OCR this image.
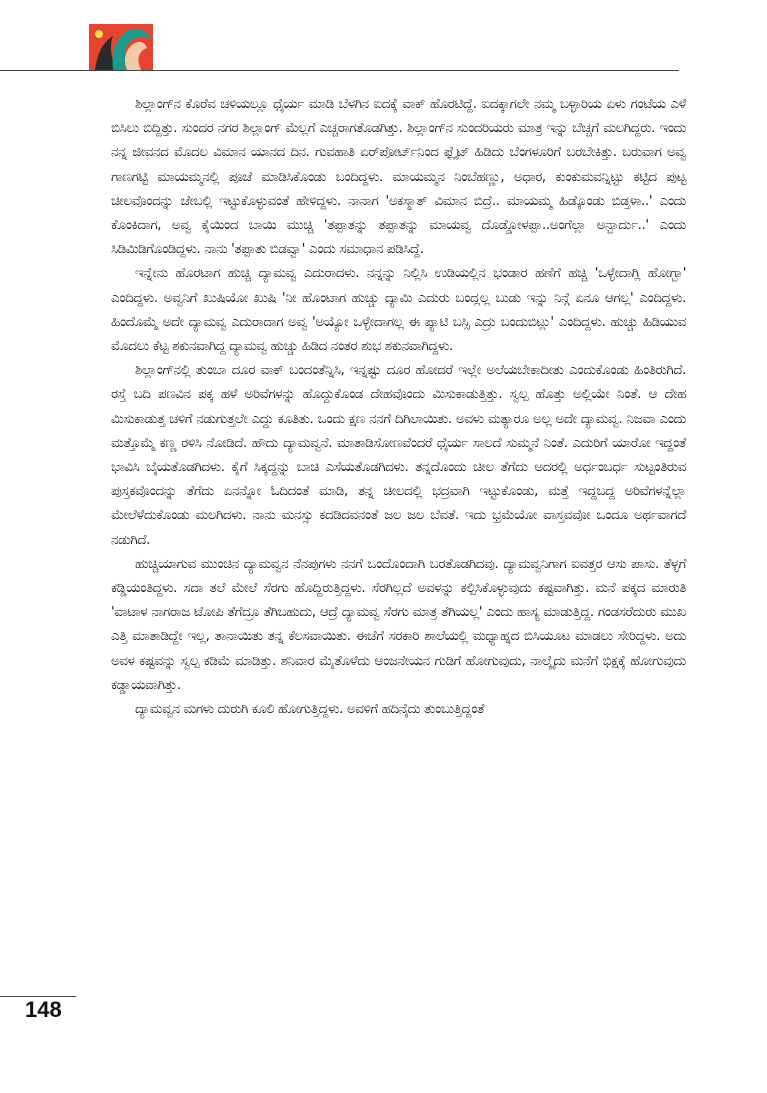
ಶಿಲ್ಲಾಂಗ್‌ನ ಕೊರೆವ ಚಳಿಯಲ್ಲೂ ಧೈರ್ಯ ಮಾಡಿ ಬೆಳಗಿನ ಐದಕ್ಕೆ ವಾಕ್ ಹೊರಟಿದ್ದೆ. ಐದಕ್ಕಾಗಲೇ ನಮ್ಮ ಬಳ್ಳಾರಿಯ ಏಳು ಗಂಟೆಯ ಎಳೆ ಬಿಸಿಲು ಬಿದ್ದಿತ್ತು. ಸುಂದರ ನಗರ ಶಿಲ್ಲಾಂಗ್ ಮೆಲ್ಲಗೆ ಎಚ್ಚರಾಗತೊಡಗಿತ್ತು. ಶಿಲ್ಲಾಂಗ್‌ನ ಸುಂದರಿಯರು ಮಾತ್ರ ಇನ್ನು ಬೆಚ್ಚಗೆ ಮಲಗಿದ್ದರು. ಇಂದು ನನ್ನ ಜೀವನದ ಮೊದಲ ವಿಮಾನ ಯಾನದ ದಿನ. ಗುವಹಾತಿ ಏರ್‌ಪೋರ್ಟ್‌ನಿಂದ ಫ್ಲೈಟ್ ಹಿಡಿದು ಬೆಂಗಳೂರಿಗೆ ಬರಬೇಕಿತ್ತು. ಬರುವಾಗ ಅವ್ವ ಗಾಣಗಟ್ಟಿ ಮಾಯಮ್ಮನಲ್ಲಿ ಪೂಜೆ ಮಾಡಿಸಿಕೊಂಡು ಬಂದಿದ್ದಳು. ಮಾಯಮ್ಮನ ನಿಂಬೆಹಣ್ಣು, ಅಧಾರ, ಕುಂಕುಮವನ್ನಿಟ್ಟು ಕಟ್ಟಿದ ಪುಟ್ಟ ಚೀಲವೊಂದನ್ನು ಜೇಬಲ್ಲಿ ಇಟ್ಟುಕೊಳ್ಳುವಂತೆ ಹೇಳಿದ್ದಳು. ನಾನಾಗ 'ಅಕಸ್ಮಾತ್ ವಿಮಾನ ಬಿದ್ರೆ.. ಮಾಯಮ್ಮ ಹಿಡ್ಕೊಂಡು ಬಿಡ್ತಳಾ..' ಎಂದು ಕೊಂಕಿದಾಗ, ಅವ್ವ ಕೈಯಿಂದ ಬಾಯಿ ಮುಚ್ಚಿ 'ತಪ್ಪಾತನ್ನು ತಪ್ಪಾತನ್ನು ಮಾಯವ್ವ ದೊಡ್ಡೋಳಪ್ಪಾ..ಅಂಗೆಲ್ಲಾ ಅನ್ಬಾರ್ದು..' ಎಂದು ಸಿಡಿಮಿಡಿಗೊಂಡಿದ್ದಳು. ನಾನು 'ತಪ್ಪಾತು ಬಿಡವ್ವಾ' ಎಂದು ಸಮಾಧಾನ ಪಡಿಸಿದ್ದೆ.

ಇನ್ನೇನು ಹೊರಟಾಗ ಹುಚ್ಚಿ ದ್ಯಾಮವ್ವ ಎದುರಾದಳು. ನನ್ನನ್ನು ನಿಲ್ಲಿಸಿ ಉಡಿಯಲ್ಲಿನ ಭಂಡಾರ ಹಣೆಗೆ ಹಚ್ಚಿ 'ಒಳ್ಳೇದಾಗ್ಲಿ ಹೋಗ್ಬಾ' ಎಂದಿದ್ದಳು. ಅವ್ವನಿಗೆ ಖುಷಿಯೋ ಖುಷಿ 'ನೀ ಹೊಂಟಾಗ ಹುಚ್ಚು ದ್ಯಾಮಿ ಎದುರು ಬಂದ್ಲಲ್ಲ ಬುಡು ಇನ್ನು ನಿನ್ಗೆ ಏನೂ ಆಗಲ್ಲ' ಎಂದಿದ್ದಳು. ಹಿಂದೊಮ್ಮೆ ಅದೇ ದ್ಯಾಮವ್ವ ಎದುರಾದಾಗ ಅವ್ವ 'ಅಯ್ಯೋ ಒಳ್ಳೇದಾಗಲ್ಲ ಈ ಪ್ಯಾಟಿ ಬಸ್ಸಿ ಎದ್ರು ಬಂದುಬಿಟ್ಲು' ಎಂದಿದ್ದಳು. ಹುಚ್ಚು ಹಿಡಿಯುವ ಮೊದಲು ಕೆಟ್ಟ ಶಕುನವಾಗಿದ್ದ ದ್ಯಾಮವ್ವ ಹುಚ್ಚು ಹಿಡಿದ ನಂತರ ಶುಭ ಶಕುನವಾಗಿದ್ದಳು.

ಶಿಲ್ಲಾಂಗ್‌ನಲ್ಲಿ ತುಂಬಾ ದೂರ ವಾಕ್ ಬಂದಂತೆನ್ನಿಸಿ, ಇನ್ನಷ್ಟು ದೂರ ಹೋದರೆ ಇಲ್ಲೇ ಅಲೆಯಬೇಕಾದೀತು ಎಂದುಕೊಂಡು ಹಿಂತಿರುಗಿದೆ. ರಸ್ತೆ ಬದಿ ಪಣವಿನ ಪಕ್ಕ ಹಳೆ ಅರಿವೆಗಳನ್ನು ಹೊದ್ದುಕೊಂಡ ದೇಹವೊಂದು ಮಿಸುಕಾಡುತ್ತಿತ್ತು. ಸ್ವಲ್ಪ ಹೊತ್ತು ಅಲ್ಲಿಯೇ ನಿಂತೆ. ಆ ದೇಹ ಮಿಸುಕಾಡುತ್ತ ಚಳಿಗೆ ನಡುಗುತ್ತಲೇ ಎದ್ದು ಕೂತಿತು. ಒಂದು ಕ್ಷಣ ನನಗೆ ದಿಗಿಲಾಯಿತು. ಅವಳು ಮತ್ಯಾರೂ ಅಲ್ಲ ಅದೇ ದ್ಯಾಮವ್ವ. ನಿಜವಾ ಎಂದು ಮತ್ತೊಮ್ಮೆ ಕಣ್ಣ ರಳಿಸಿ ನೋಡಿದೆ. ಹೌದು ದ್ಯಾಮವ್ವನೆ. ಮಾತಾಡಿಸೋಣವೆಂದರೆ ಧೈರ್ಯ ಸಾಲದೆ ಸುಮ್ಮನೆ ನಿಂತೆ. ಎದುರಿಗೆ ಯಾರೋ ಇದ್ದಂತೆ ಭಾವಿಸಿ ಬೈಯತೊಡಗಿದಳು. ಕೈಗೆ ಸಿಕ್ಕದ್ದನ್ನು ಬಾಚಿ ಎಸೆಯತೊಡಗಿದಳು. ತನ್ನದೊಂದು ಚೀಲ ತೆಗೆದು ಅದರಲ್ಲಿ ಅರ್ಧಂಬರ್ಧ ಸುಟ್ಟಂತಿರುವ ಪುಸ್ತಕವೊಂದನ್ನು ತೆಗೆದು ಏನನ್ನೋ ಓದಿದಂತೆ ಮಾಡಿ, ತನ್ನ ಚೀಲದಲ್ಲಿ ಭದ್ರವಾಗಿ ಇಟ್ಟುಕೊಂಡು, ಮತ್ತೆ ಇದ್ದಬದ್ದ ಅರಿವೆಗಳನ್ನೆಲ್ಲಾ ಮೇಲೆಳೆದುಕೊಂಡು ಮಲಗಿದಳು. ನಾನು ಮನಸ್ಸು ಕದಡಿದವನಂತೆ ಜಲ ಜಲ ಬೆವತೆ. ಇದು ಭ್ರಮೆಯೋ ವಾಸ್ತವವೋ ಒಂದೂ ಅರ್ಥವಾಗದೆ ನಡುಗಿದೆ.

ಹುಚ್ಚಿಯಾಗುವ ಮುಂಚಿನ ದ್ಯಾಮವ್ವನ ನೆನಪುಗಳು ನನಗೆ ಒಂದೊಂದಾಗಿ ಬರತೊಡಗಿದವು. ದ್ಯಾಮವ್ವನಿಗಾಗ ಐವತ್ತರ ಆಸು ಪಾಸು. ತೆಳ್ಳಗೆ ಕಡ್ಡಿಯಂತಿದ್ದಳು. ಸದಾ ತಲೆ ಮೇಲೆ ಸೆರಗು ಹೊದ್ದಿರುತ್ತಿದ್ದಳು. ಸೆರಗಿಲ್ಲದೆ ಅವಳನ್ನು ಕಲ್ಪಿಸಿಕೊಳ್ಳುವುದು ಕಷ್ಟವಾಗಿತ್ತು. ಮನೆ ಪಕ್ಕದ ಮಾರುತಿ 'ವಾಟಾಳ ನಾಗರಾಜ ಟೋಪಿ ತೆಗೆದ್ರೂ ತೆಗಿಬಹುದು, ಆದ್ರೆ ದ್ಯಾಮವ್ವ ಸೆರಗು ಮಾತ್ರ ತೆಗಿಯಲ್ಲ' ಎಂದು ಹಾಸ್ಯ ಮಾಡುತ್ತಿದ್ದ. ಗಂಡಸರೆದುರು ಮುಖ ಎತ್ತಿ ಮಾತಾಡಿದ್ದೇ ಇಲ್ಲ, ತಾನಾಯಿತು ತನ್ನ ಕೆಲಸವಾಯಿತು. ಈಚೆಗೆ ಸರಕಾರಿ ಶಾಲೆಯಲ್ಲಿ ಮಧ್ಯಾಹ್ನದ ಬಿಸಿಯೂಟ ಮಾಡಲು ಸೇರಿದ್ದಳು. ಅದು ಅವಳ ಕಷ್ಟವನ್ನು ಸ್ವಲ್ಪ ಕಡಿಮೆ ಮಾಡಿತ್ತು. ಶನಿವಾರ ಮೈತೊಳೆದು ಆಂಜನೇಯನ ಗುಡಿಗೆ ಹೋಗುವುದು, ನಾಲ್ಕೈದು ಮನೆಗೆ ಭಿಕ್ಷಕ್ಕೆ ಹೋಗುವುದು ಕಡ್ಡಾಯವಾಗಿತ್ತು.

ದ್ಯಾಮವ್ವನ ಮಗಳು ದುರುಗಿ ಕೂಲಿ ಹೋಗುತ್ತಿದ್ದಳು. ಅವಳಿಗೆ ಹದಿನೈದು ತುಂಬುತ್ತಿದ್ದಂತೆ

148
